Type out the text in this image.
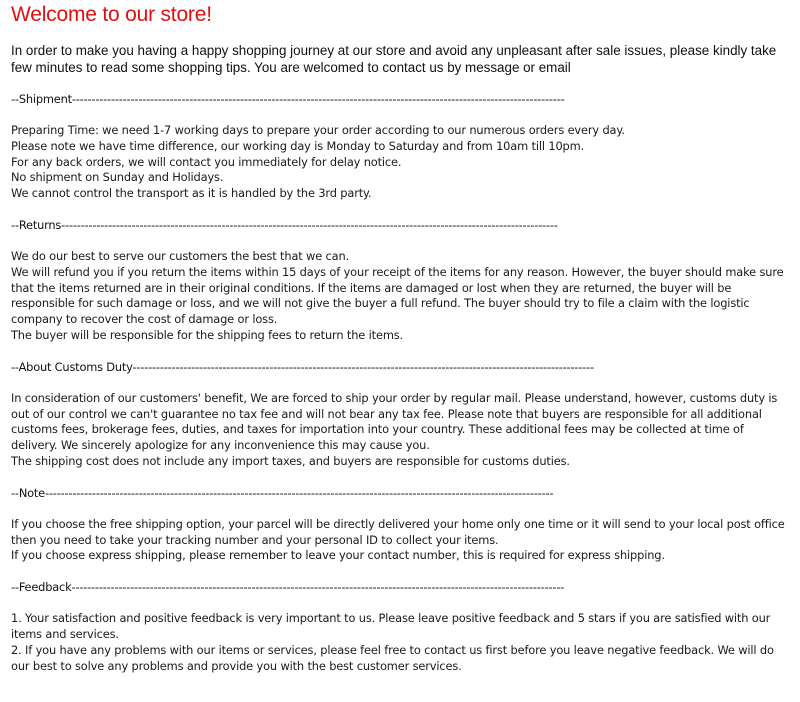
Welcome to our store!
In order to make you having a happy shopping journey at our store and avoid any unpleasant after sale issues, please kindly take few minutes to read some shopping tips. You are welcomed to contact us by message or email
--Shipment------------------------------------------------------------------------------------------------------------------------------

Preparing Time: we need 1-7 working days to prepare your order according to our numerous orders every day.

Please note we have time difference, our working day is Monday to Saturday and from 10am till 10pm.

For any back orders, we will contact you immediately for delay notice.

No shipment on Sunday and Holidays.

We cannot control the transport as it is handled by the 3rd party.

--Returns-------------------------------------------------------------------------------------------------------------------------------

We do our best to serve our customers the best that we can.

We will refund you if you return the items within 15 days of your receipt of the items for any reason. However, the buyer should make sure that the items returned are in their original conditions. If the items are damaged or lost when they are returned, the buyer will be responsible for such damage or loss, and we will not give the buyer a full refund. The buyer should try to file a claim with the logistic company to recover the cost of damage or loss.

The buyer will be responsible for the shipping fees to return the items.

--About Customs Duty----------------------------------------------------------------------------------------------------------------------

In consideration of our customers' benefit, We are forced to ship your order by regular mail. Please understand, however, customs duty is out of our control we can't guarantee no tax fee and will not bear any tax fee. Please note that buyers are responsible for all additional customs fees, brokerage fees, duties, and taxes for importation into your country. These additional fees may be collected at time of delivery. We sincerely apologize for any inconvenience this may cause you.

The shipping cost does not include any import taxes, and buyers are responsible for customs duties.

--Note----------------------------------------------------------------------------------------------------------------------------------

If you choose the free shipping option, your parcel will be directly delivered your home only one time or it will send to your local post office then you need to take your tracking number and your personal ID to collect your items.

If you choose express shipping, please remember to leave your contact number, this is required for express shipping.

--Feedback------------------------------------------------------------------------------------------------------------------------------

1. Your satisfaction and positive feedback is very important to us. Please leave positive feedback and 5 stars if you are satisfied with our items and services.

2. If you have any problems with our items or services, please feel free to contact us first before you leave negative feedback. We will do our best to solve any problems and provide you with the best customer services.
